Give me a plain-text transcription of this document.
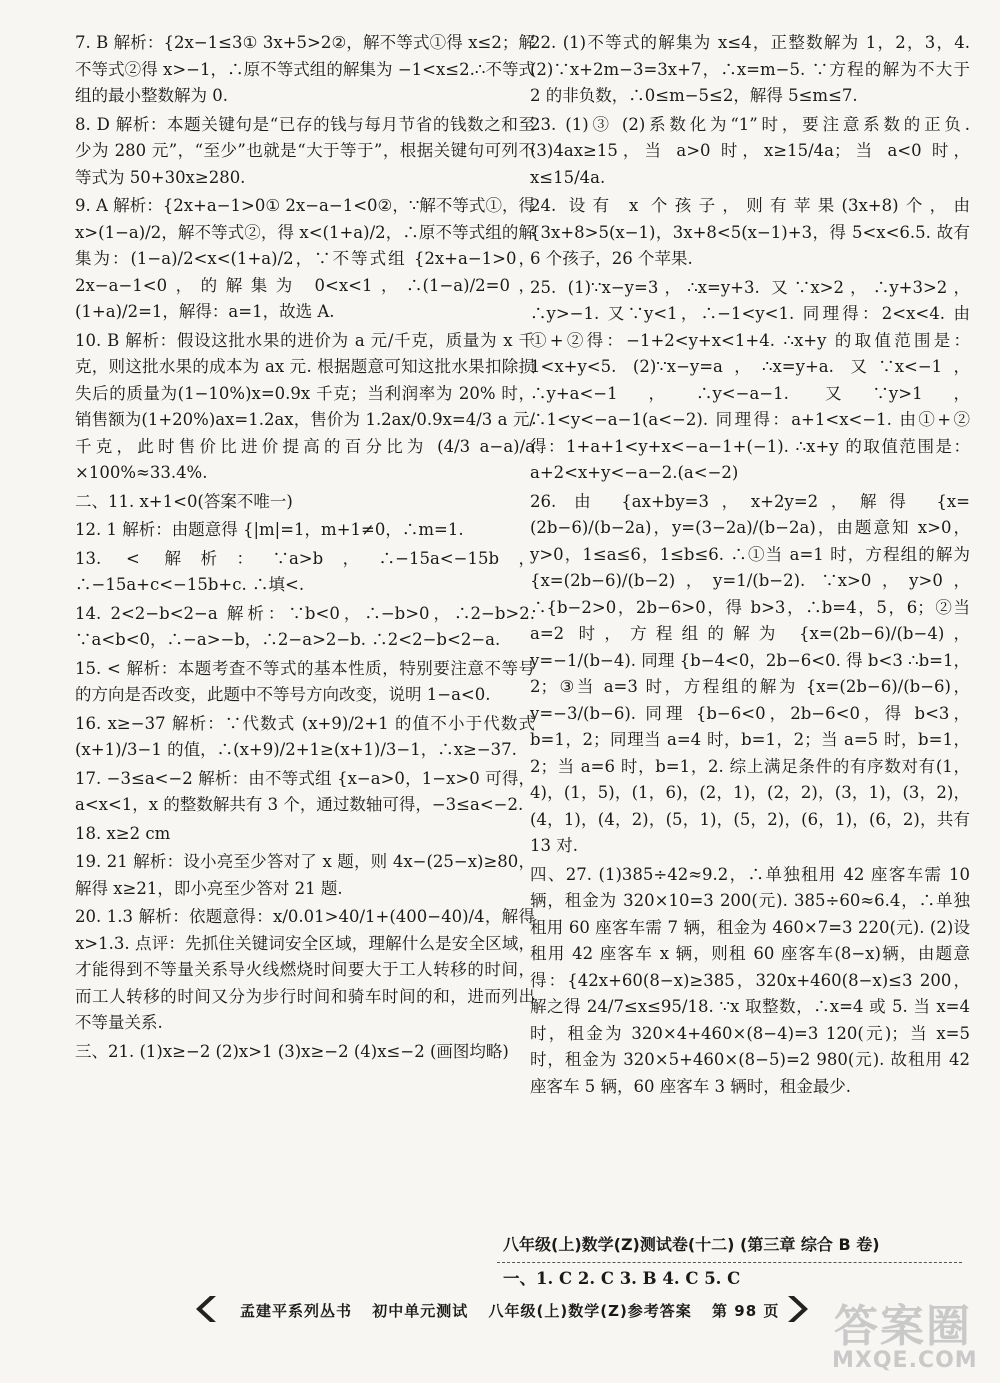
7. B 解析：{2x−1≤3① 3x+5>2②，解不等式①得 x≤2；解不等式②得 x>−1，∴原不等式组的解集为 −1<x≤2.∴不等式组的最小整数解为 0.
8. D 解析：本题关键句是“已存的钱与每月节省的钱数之和至少为 280 元”，“至少”也就是“大于等于”，根据关键句可列不等式为 50+30x≥280.
9. A 解析：{2x+a−1>0① 2x−a−1<0②，∵解不等式①，得 x>(1−a)/2，解不等式②，得 x<(1+a)/2，∴原不等式组的解集为：(1−a)/2<x<(1+a)/2，∵不等式组 {2x+a−1>0，2x−a−1<0，的解集为 0<x<1，∴(1−a)/2=0，(1+a)/2=1，解得：a=1，故选 A.
10. B 解析：假设这批水果的进价为 a 元/千克，质量为 x 千克，则这批水果的成本为 ax 元. 根据题意可知这批水果扣除损失后的质量为(1−10%)x=0.9x 千克；当利润率为 20% 时，销售额为(1+20%)ax=1.2ax，售价为 1.2ax/0.9x=4/3 a 元/千克，此时售价比进价提高的百分比为 (4/3 a−a)/a ×100%≈33.4%.
二、11. x+1<0(答案不唯一)
12. 1 解析：由题意得 {|m|=1，m+1≠0，∴m=1.
13. < 解析：∵a>b，∴−15a<−15b，∴−15a+c<−15b+c. ∴填<.
14. 2<2−b<2−a 解析：∵b<0，∴−b>0，∴2−b>2. ∵a<b<0，∴−a>−b，∴2−a>2−b. ∴2<2−b<2−a.
15. < 解析：本题考查不等式的基本性质，特别要注意不等号的方向是否改变，此题中不等号方向改变，说明 1−a<0.
16. x≥−37 解析：∵代数式 (x+9)/2+1 的值不小于代数式 (x+1)/3−1 的值，∴(x+9)/2+1≥(x+1)/3−1，∴x≥−37.
17. −3≤a<−2 解析：由不等式组 {x−a>0，1−x>0 可得，a<x<1，x 的整数解共有 3 个，通过数轴可得，−3≤a<−2.
18. x≥2 cm
19. 21 解析：设小亮至少答对了 x 题，则 4x−(25−x)≥80，解得 x≥21，即小亮至少答对 21 题.
20. 1.3 解析：依题意得：x/0.01>40/1+(400−40)/4，解得 x>1.3. 点评：先抓住关键词安全区域，理解什么是安全区域，才能得到不等量关系导火线燃烧时间要大于工人转移的时间，而工人转移的时间又分为步行时间和骑车时间的和，进而列出不等量关系.
三、21. (1)x≥−2 (2)x>1 (3)x≥−2 (4)x≤−2 (画图均略)
22. (1)不等式的解集为 x≤4，正整数解为 1，2，3，4. (2)∵x+2m−3=3x+7，∴x=m−5. ∵方程的解为不大于 2 的非负数，∴0≤m−5≤2，解得 5≤m≤7.
23. (1)③ (2)系数化为“1”时，要注意系数的正负. (3)4ax≥15，当 a>0 时，x≥15/4a；当 a<0 时，x≤15/4a.
24. 设有 x 个孩子，则有苹果(3x+8)个，由 {3x+8>5(x−1)，3x+8<5(x−1)+3，得 5<x<6.5. 故有 6 个孩子，26 个苹果.
25. (1)∵x−y=3，∴x=y+3. 又∵x>2，∴y+3>2，∴y>−1. 又∵y<1，∴−1<y<1. 同理得：2<x<4. 由①+②得：−1+2<y+x<1+4. ∴x+y 的取值范围是：1<x+y<5. (2)∵x−y=a，∴x=y+a. 又∵x<−1，∴y+a<−1，∴y<−a−1. 又∵y>1，∴1<y<−a−1(a<−2). 同理得：a+1<x<−1. 由①+②得：1+a+1<y+x<−a−1+(−1). ∴x+y 的取值范围是：a+2<x+y<−a−2.(a<−2)
26. 由 {ax+by=3，x+2y=2，解得 {x=(2b−6)/(b−2a)，y=(3−2a)/(b−2a)，由题意知 x>0，y>0，1≤a≤6，1≤b≤6. ∴①当 a=1 时，方程组的解为 {x=(2b−6)/(b−2)，y=1/(b−2). ∵x>0，y>0，∴{b−2>0，2b−6>0，得 b>3，∴b=4，5，6；②当 a=2 时，方程组的解为 {x=(2b−6)/(b−4)，y=−1/(b−4). 同理 {b−4<0，2b−6<0. 得 b<3 ∴b=1，2；③当 a=3 时，方程组的解为 {x=(2b−6)/(b−6)，y=−3/(b−6). 同理 {b−6<0，2b−6<0，得 b<3，b=1，2；同理当 a=4 时，b=1，2；当 a=5 时，b=1，2；当 a=6 时，b=1，2. 综上满足条件的有序数对有(1，4)，(1，5)，(1，6)，(2，1)，(2，2)，(3，1)，(3，2)，(4，1)，(4，2)，(5，1)，(5，2)，(6，1)，(6，2)，共有 13 对.
四、27. (1)385÷42≈9.2，∴单独租用 42 座客车需 10 辆，租金为 320×10=3 200(元). 385÷60≈6.4，∴单独租用 60 座客车需 7 辆，租金为 460×7=3 220(元). (2)设租用 42 座客车 x 辆，则租 60 座客车(8−x)辆，由题意得：{42x+60(8−x)≥385，320x+460(8−x)≤3 200，解之得 24/7≤x≤95/18. ∵x 取整数，∴x=4 或 5. 当 x=4 时，租金为 320×4+460×(8−4)=3 120(元)；当 x=5 时，租金为 320×5+460×(8−5)=2 980(元). 故租用 42 座客车 5 辆，60 座客车 3 辆时，租金最少.
八年级(上)数学(Z)测试卷(十二) (第三章 综合 B 卷)
一、1. C 2. C 3. B 4. C 5. C
孟建平系列丛书 初中单元测试 八年级(上)数学(Z)参考答案 第 98 页	答案圈
MXQE.COM
